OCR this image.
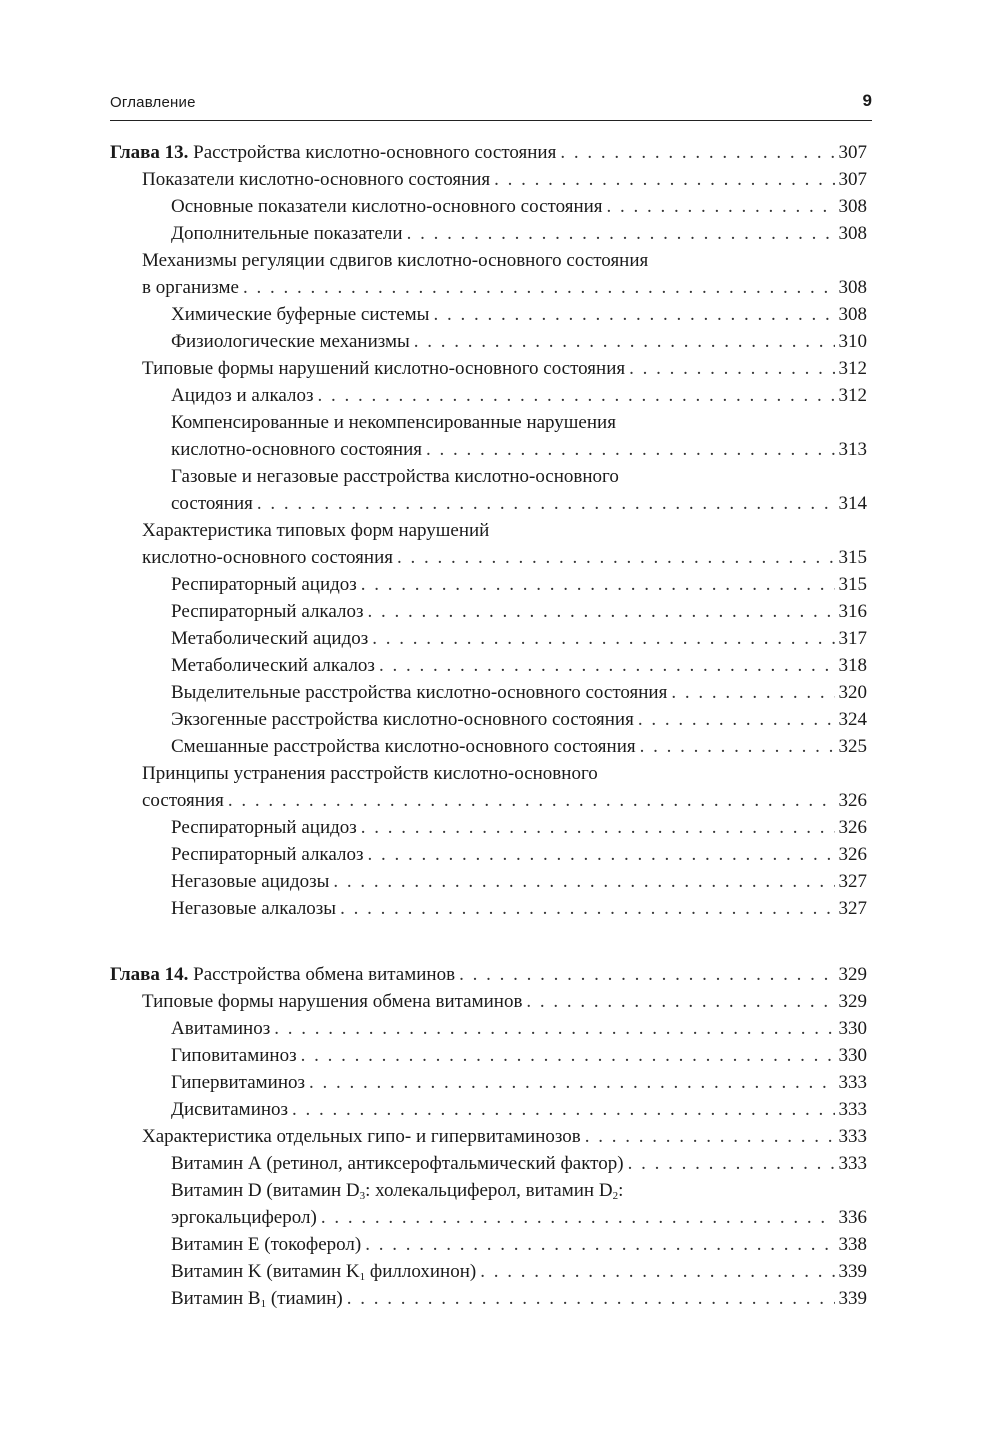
Оглавление	9
Глава 13. Расстройства кислотно-основного состояния . . .	307
Показатели кислотно-основного состояния . . .	307
Основные показатели кислотно-основного состояния . . .	308
Дополнительные показатели . . .	308
Механизмы регуляции сдвигов кислотно-основного состояния
в организме . . .	308
Химические буферные системы . . .	308
Физиологические механизмы . . .	310
Типовые формы нарушений кислотно-основного состояния . . .	312
Ацидоз и алкалоз . . .	312
Компенсированные и некомпенсированные нарушения
кислотно-основного состояния . . .	313
Газовые и негазовые расстройства кислотно-основного
состояния . . .	314
Характеристика типовых форм нарушений
кислотно-основного состояния . . .	315
Респираторный ацидоз . . .	315
Респираторный алкалоз . . .	316
Метаболический ацидоз . . .	317
Метаболический алкалоз . . .	318
Выделительные расстройства кислотно-основного состояния . . .	320
Экзогенные расстройства кислотно-основного состояния . . .	324
Смешанные расстройства кислотно-основного состояния . . .	325
Принципы устранения расстройств кислотно-основного
состояния . . .	326
Респираторный ацидоз . . .	326
Респираторный алкалоз . . .	326
Негазовые ацидозы . . .	327
Негазовые алкалозы . . .	327
Глава 14. Расстройства обмена витаминов . . .	329
Типовые формы нарушения обмена витаминов . . .	329
Авитаминоз . . .	330
Гиповитаминоз . . .	330
Гипервитаминоз . . .	333
Дисвитаминоз . . .	333
Характеристика отдельных гипо- и гипервитаминозов . . .	333
Витамин А (ретинол, антиксерофтальмический фактор) . . .	333
Витамин D (витамин $D_3$: холекальциферол, витамин $D_2$:
эргокальциферол) . . .	336
Витамин Е (токоферол) . . .	338
Витамин K (витамин $K_1$ филлохинон) . . .	339
Витамин $B_1$ (тиамин) . . .	339
